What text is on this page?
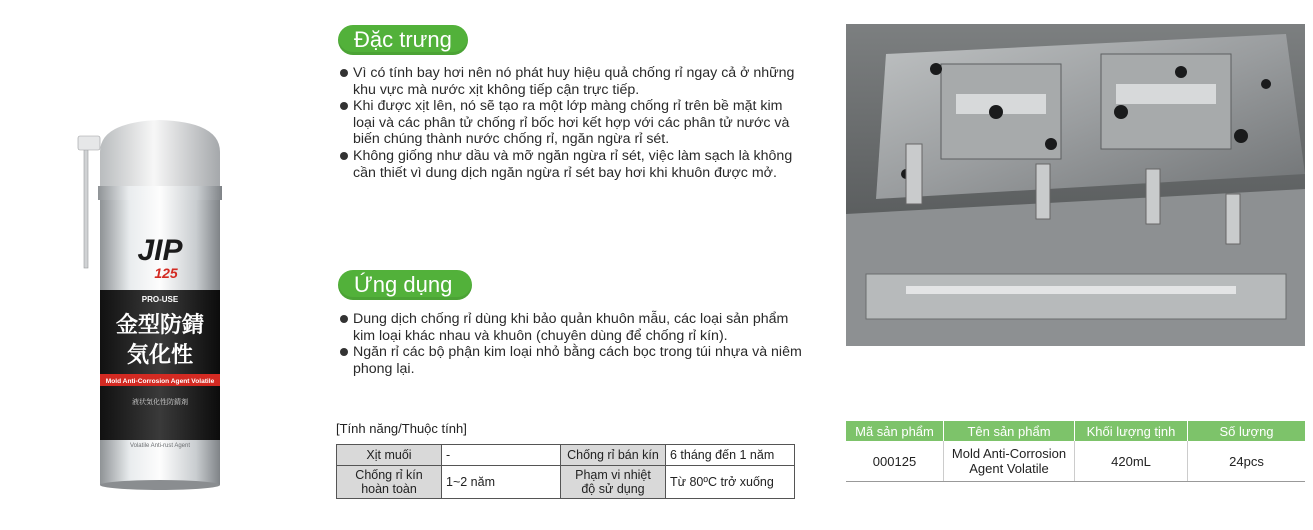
JIP
125
PRO-USE
金型防錆
気化性
Mold Anti-Corrosion Agent Volatile
液状気化性防錆剤
Volatile Anti-rust Agent
Đặc trưng
Vì có tính bay hơi nên nó phát huy hiệu quả chống rỉ ngay cả ở những khu vực mà nước xịt không tiếp cận trực tiếp.
Khi được xịt lên, nó sẽ tạo ra một lớp màng chống rỉ trên bề mặt kim loại và các phân tử chống rỉ bốc hơi kết hợp với các phân tử nước và biến chúng thành nước chống rỉ, ngăn ngừa rỉ sét.
Không giống như dầu và mỡ ngăn ngừa rỉ sét, việc làm sạch là không cần thiết vì dung dịch ngăn ngừa rỉ sét bay hơi khi khuôn được mở.
Ứng dụng
Dung dịch chống rỉ dùng khi bảo quản khuôn mẫu, các loại sản phẩm kim loại khác nhau và khuôn (chuyên dùng để chống rỉ kín).
Ngăn rỉ các bộ phận kim loại nhỏ bằng cách bọc trong túi nhựa và niêm phong lại.
[Tính năng/Thuộc tính]
Xịt muối	-	Chống rỉ bán kín	6 tháng đến 1 năm
Chống rỉ kín
hoàn toàn	1~2 năm	Phạm vi nhiệt
độ sử dụng	Từ 80ºC trở xuống
Mã sản phẩm	Tên sản phẩm	Khối lượng tịnh	Số lượng
000125	Mold Anti-Corrosion
Agent Volatile	420mL	24pcs
